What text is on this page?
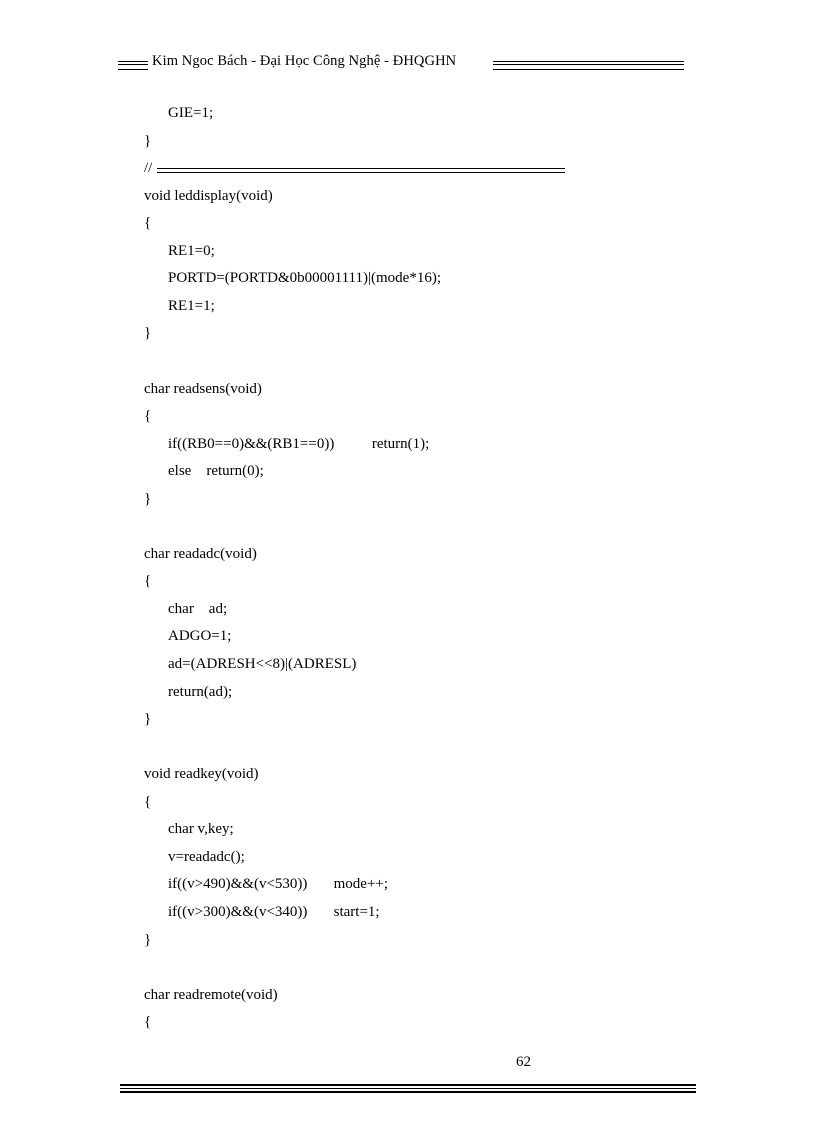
Kim Ngoc Bách - Đại Học Công Nghệ - ĐHQGHN
GIE=1;
}
//
void leddisplay(void)
{
RE1=0;
PORTD=(PORTD&0b00001111)|(mode*16);
RE1=1;
}
char readsens(void)
{
if((RB0==0)&&(RB1==0))          return(1);
else    return(0);
}
char readadc(void)
{
char    ad;
ADGO=1;
ad=(ADRESH<<8)|(ADRESL)
return(ad);
}
void readkey(void)
{
char v,key;
v=readadc();
if((v>490)&&(v<530))       mode++;
if((v>300)&&(v<340))       start=1;
}
char readremote(void)
{
62
